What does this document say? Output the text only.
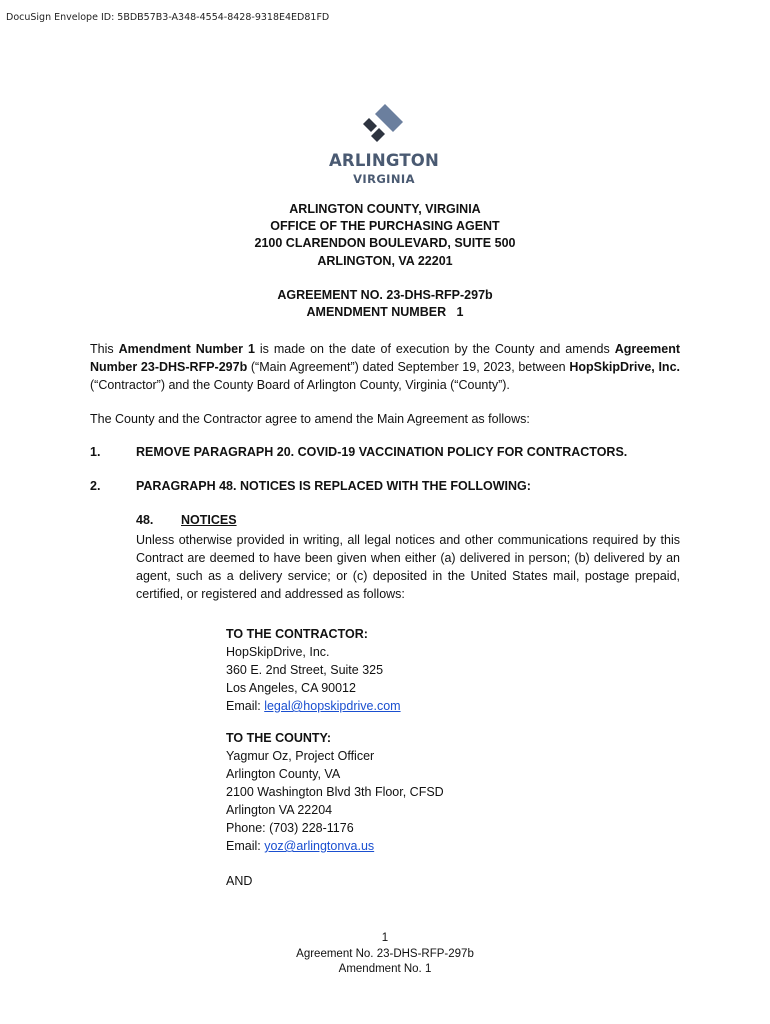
DocuSign Envelope ID: 5BDB57B3-A348-4554-8428-9318E4ED81FD
ARLINGTON
VIRGINIA
ARLINGTON COUNTY, VIRGINIA
OFFICE OF THE PURCHASING AGENT
2100 CLARENDON BOULEVARD, SUITE 500
ARLINGTON, VA 22201
AGREEMENT NO. 23-DHS-RFP-297b
AMENDMENT NUMBER   1
This Amendment Number 1 is made on the date of execution by the County and amends Agreement Number 23-DHS-RFP-297b (“Main Agreement”) dated September 19, 2023, between HopSkipDrive, Inc. (“Contractor”) and the County Board of Arlington County, Virginia (“County”).
The County and the Contractor agree to amend the Main Agreement as follows:
1.	REMOVE PARAGRAPH 20. COVID-19 VACCINATION POLICY FOR CONTRACTORS.
2.	PARAGRAPH 48. NOTICES IS REPLACED WITH THE FOLLOWING:
48. NOTICES
Unless otherwise provided in writing, all legal notices and other communications required by this Contract are deemed to have been given when either (a) delivered in person; (b) delivered by an agent, such as a delivery service; or (c) deposited in the United States mail, postage prepaid, certified, or registered and addressed as follows:
TO THE CONTRACTOR:
HopSkipDrive, Inc.
360 E. 2nd Street, Suite 325
Los Angeles, CA 90012
Email: legal@hopskipdrive.com
TO THE COUNTY:
Yagmur Oz, Project Officer
Arlington County, VA
2100 Washington Blvd 3th Floor, CFSD
Arlington VA 22204
Phone: (703) 228-1176
Email: yoz@arlingtonva.us
AND
1
Agreement No. 23-DHS-RFP-297b
Amendment No. 1
